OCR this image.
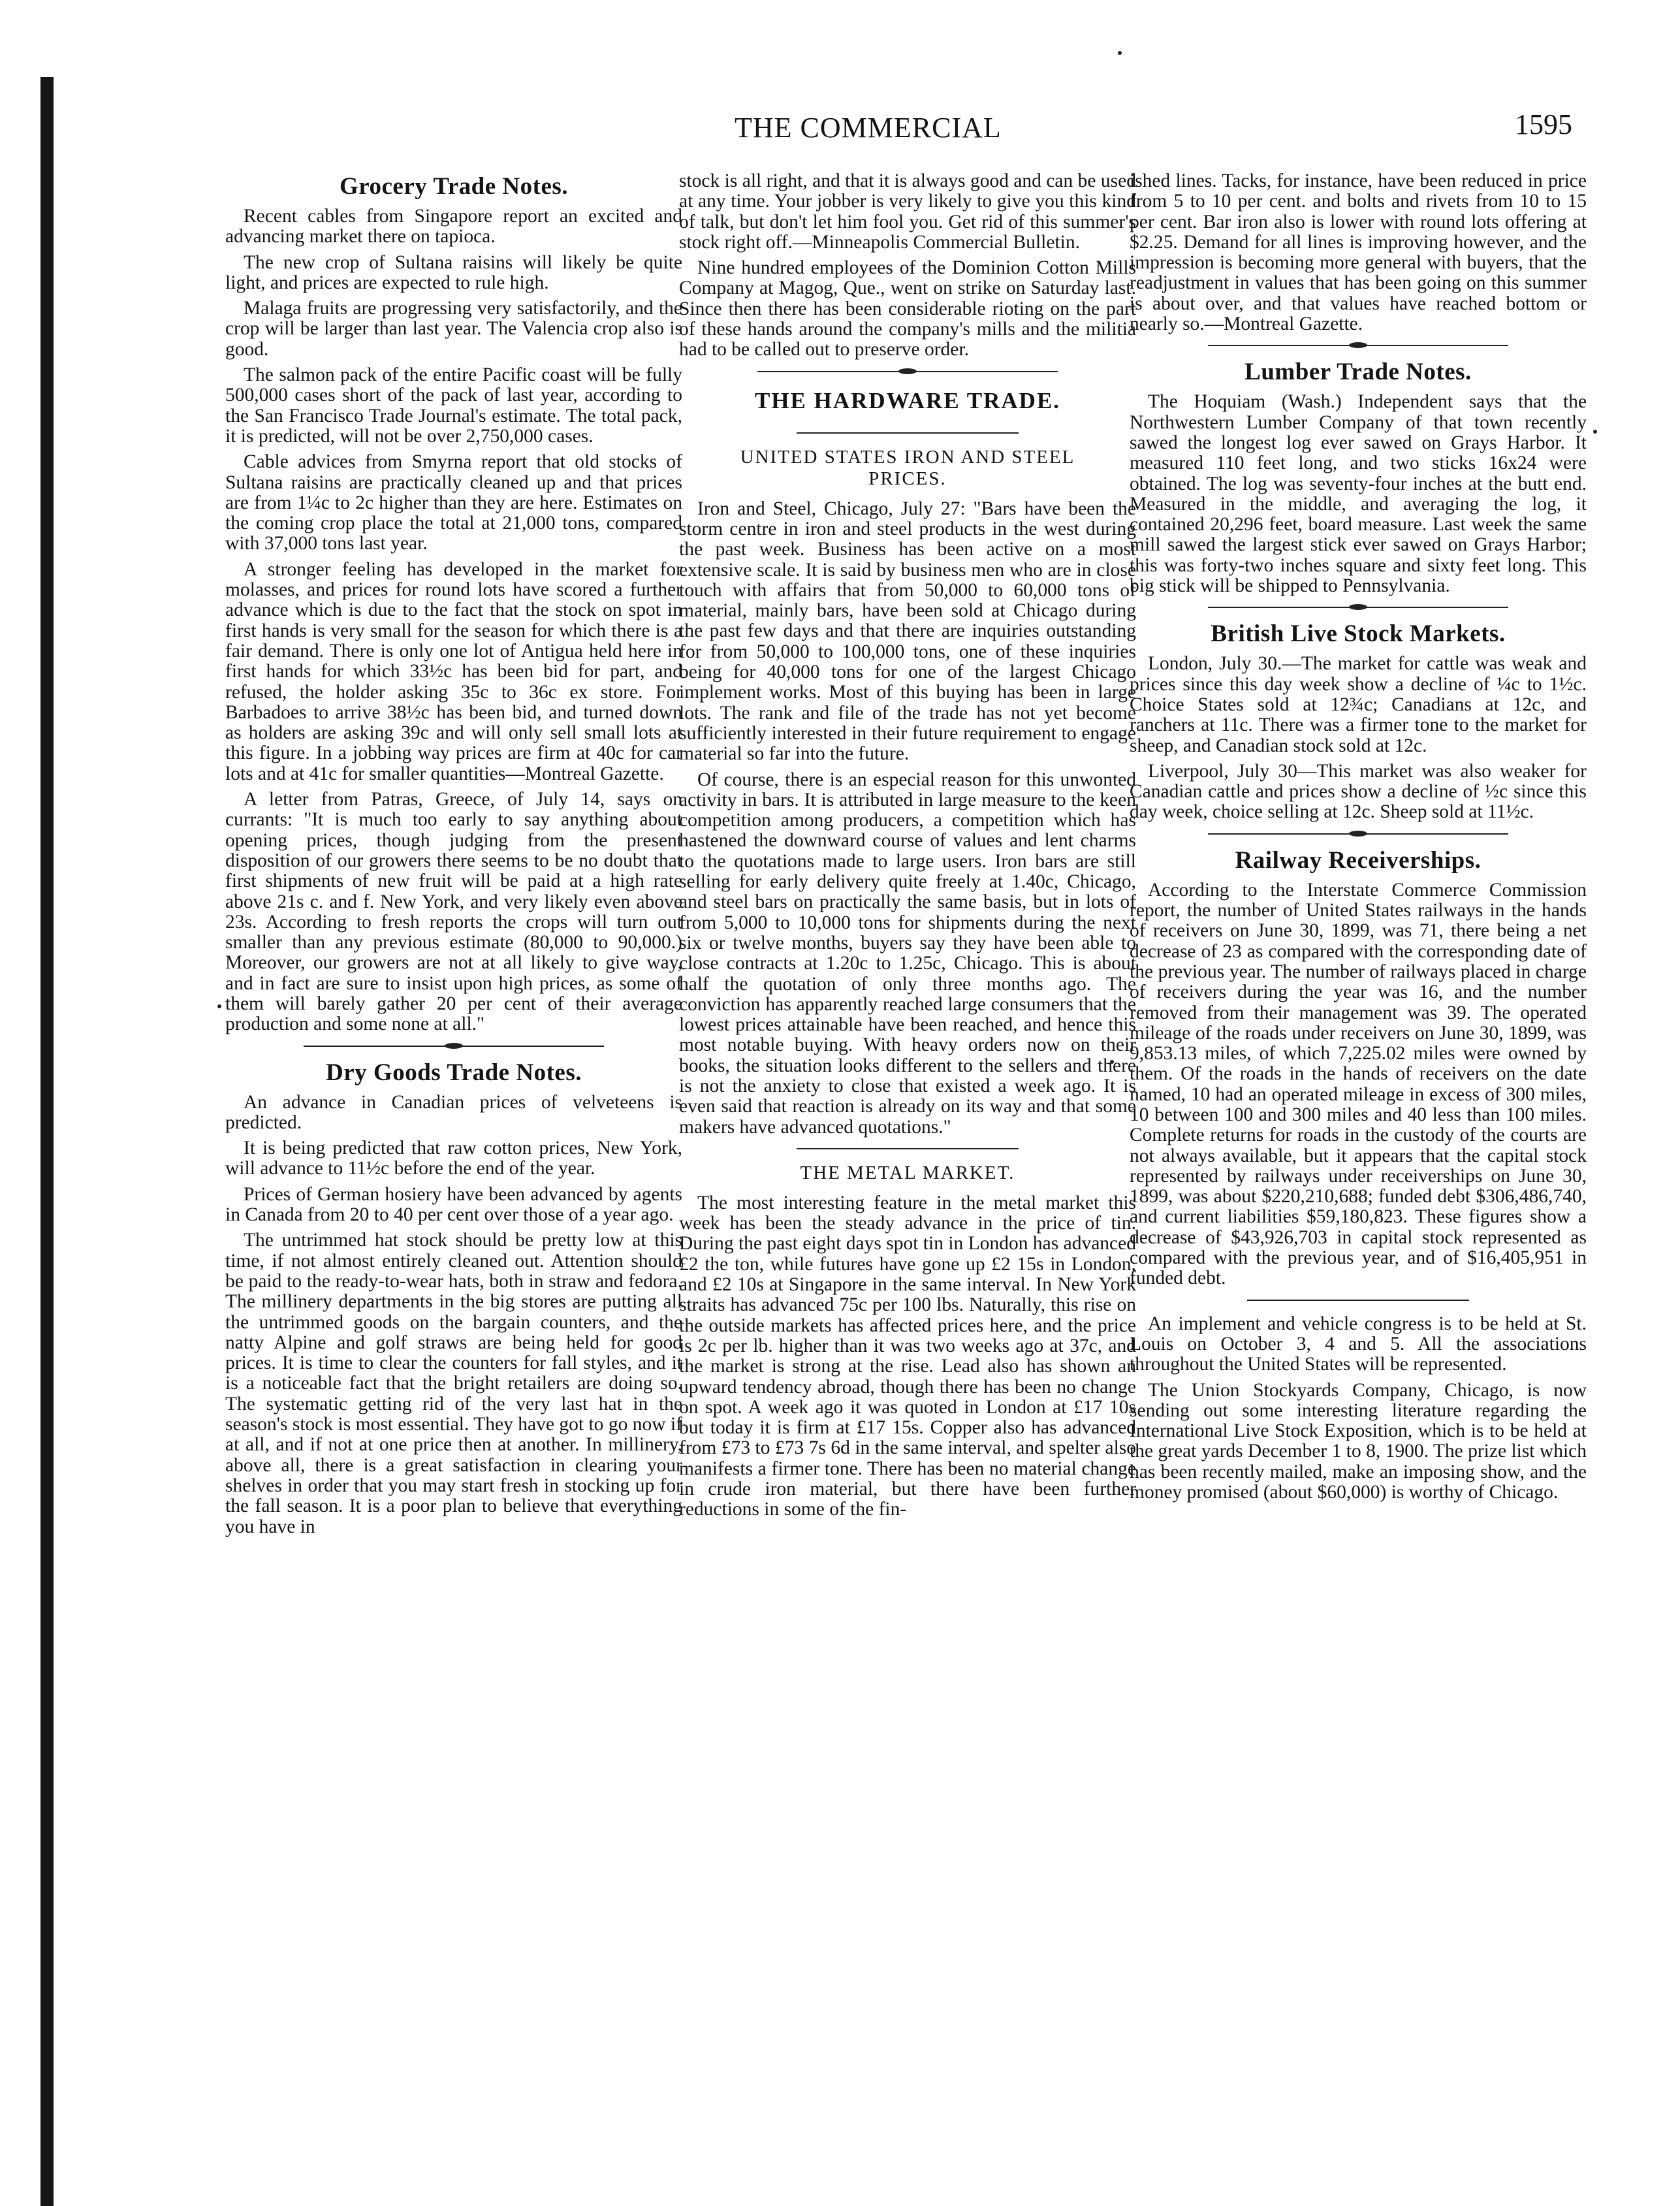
THE COMMERCIAL	1595
Grocery Trade Notes.

Recent cables from Singapore report an excited and advancing market there on tapioca.

The new crop of Sultana raisins will likely be quite light, and prices are expected to rule high.

Malaga fruits are progressing very satisfactorily, and the crop will be larger than last year. The Valencia crop also is good.

The salmon pack of the entire Pacific coast will be fully 500,000 cases short of the pack of last year, according to the San Francisco Trade Journal's estimate. The total pack, it is predicted, will not be over 2,750,000 cases.

Cable advices from Smyrna report that old stocks of Sultana raisins are practically cleaned up and that prices are from 1¼c to 2c higher than they are here. Estimates on the coming crop place the total at 21,000 tons, compared with 37,000 tons last year.

A stronger feeling has developed in the market for molasses, and prices for round lots have scored a further advance which is due to the fact that the stock on spot in first hands is very small for the season for which there is a fair demand. There is only one lot of Antigua held here in first hands for which 33½c has been bid for part, and refused, the holder asking 35c to 36c ex store. For Barbadoes to arrive 38½c has been bid, and turned down as holders are asking 39c and will only sell small lots at this figure. In a jobbing way prices are firm at 40c for car lots and at 41c for smaller quantities—Montreal Gazette.

A letter from Patras, Greece, of July 14, says on currants: "It is much too early to say anything about opening prices, though judging from the present disposition of our growers there seems to be no doubt that first shipments of new fruit will be paid at a high rate above 21s c. and f. New York, and very likely even above 23s. According to fresh reports the crops will turn out smaller than any previous estimate (80,000 to 90,000.) Moreover, our growers are not at all likely to give way, and in fact are sure to insist upon high prices, as some of them will barely gather 20 per cent of their average production and some none at all."

Dry Goods Trade Notes.

An advance in Canadian prices of velveteens is predicted.

It is being predicted that raw cotton prices, New York, will advance to 11½c before the end of the year.

Prices of German hosiery have been advanced by agents in Canada from 20 to 40 per cent over those of a year ago.

The untrimmed hat stock should be pretty low at this time, if not almost entirely cleaned out. Attention should be paid to the ready-to-wear hats, both in straw and fedora. The millinery departments in the big stores are putting all the untrimmed goods on the bargain counters, and the natty Alpine and golf straws are being held for good prices. It is time to clear the counters for fall styles, and it is a noticeable fact that the bright retailers are doing so. The systematic getting rid of the very last hat in the season's stock is most essential. They have got to go now if at all, and if not at one price then at another. In millinery, above all, there is a great satisfaction in clearing your shelves in order that you may start fresh in stocking up for the fall season. It is a poor plan to believe that everything you have in

stock is all right, and that it is always good and can be used at any time. Your jobber is very likely to give you this kind of talk, but don't let him fool you. Get rid of this summer's stock right off.—Minneapolis Commercial Bulletin.

Nine hundred employees of the Dominion Cotton Mills Company at Magog, Que., went on strike on Saturday last. Since then there has been considerable rioting on the part of these hands around the company's mills and the militia had to be called out to preserve order.

THE HARDWARE TRADE.
UNITED STATES IRON AND STEEL PRICES.

Iron and Steel, Chicago, July 27: "Bars have been the storm centre in iron and steel products in the west during the past week. Business has been active on a most extensive scale. It is said by business men who are in close touch with affairs that from 50,000 to 60,000 tons of material, mainly bars, have been sold at Chicago during the past few days and that there are inquiries outstanding for from 50,000 to 100,000 tons, one of these inquiries being for 40,000 tons for one of the largest Chicago implement works. Most of this buying has been in large lots. The rank and file of the trade has not yet become sufficiently interested in their future requirement to engage material so far into the future.

Of course, there is an especial reason for this unwonted activity in bars. It is attributed in large measure to the keen competition among producers, a competition which has hastened the downward course of values and lent charms to the quotations made to large users. Iron bars are still selling for early delivery quite freely at 1.40c, Chicago, and steel bars on practically the same basis, but in lots of from 5,000 to 10,000 tons for shipments during the next six or twelve months, buyers say they have been able to close contracts at 1.20c to 1.25c, Chicago. This is about half the quotation of only three months ago. The conviction has apparently reached large consumers that the lowest prices attainable have been reached, and hence this most notable buying. With heavy orders now on their books, the situation looks different to the sellers and there is not the anxiety to close that existed a week ago. It is even said that reaction is already on its way and that some makers have advanced quotations."

THE METAL MARKET.

The most interesting feature in the metal market this week has been the steady advance in the price of tin. During the past eight days spot tin in London has advanced £2 the ton, while futures have gone up £2 15s in London, and £2 10s at Singapore in the same interval. In New York straits has advanced 75c per 100 lbs. Naturally, this rise on the outside markets has affected prices here, and the price is 2c per lb. higher than it was two weeks ago at 37c, and the market is strong at the rise. Lead also has shown an upward tendency abroad, though there has been no change on spot. A week ago it was quoted in London at £17 10s but today it is firm at £17 15s. Copper also has advanced from £73 to £73 7s 6d in the same interval, and spelter also manifests a firmer tone. There has been no material change in crude iron material, but there have been further reductions in some of the fin-

ished lines. Tacks, for instance, have been reduced in price from 5 to 10 per cent. and bolts and rivets from 10 to 15 per cent. Bar iron also is lower with round lots offering at $2.25. Demand for all lines is improving however, and the impression is becoming more general with buyers, that the readjustment in values that has been going on this summer is about over, and that values have reached bottom or nearly so.—Montreal Gazette.

Lumber Trade Notes.

The Hoquiam (Wash.) Independent says that the Northwestern Lumber Company of that town recently sawed the longest log ever sawed on Grays Harbor. It measured 110 feet long, and two sticks 16x24 were obtained. The log was seventy-four inches at the butt end. Measured in the middle, and averaging the log, it contained 20,296 feet, board measure. Last week the same mill sawed the largest stick ever sawed on Grays Harbor; this was forty-two inches square and sixty feet long. This big stick will be shipped to Pennsylvania.

British Live Stock Markets.

London, July 30.—The market for cattle was weak and prices since this day week show a decline of ¼c to 1½c. Choice States sold at 12¾c; Canadians at 12c, and ranchers at 11c. There was a firmer tone to the market for sheep, and Canadian stock sold at 12c.

Liverpool, July 30—This market was also weaker for Canadian cattle and prices show a decline of ½c since this day week, choice selling at 12c. Sheep sold at 11½c.

Railway Receiverships.

According to the Interstate Commerce Commission report, the number of United States railways in the hands of receivers on June 30, 1899, was 71, there being a net decrease of 23 as compared with the corresponding date of the previous year. The number of railways placed in charge of receivers during the year was 16, and the number removed from their management was 39. The operated mileage of the roads under receivers on June 30, 1899, was 9,853.13 miles, of which 7,225.02 miles were owned by them. Of the roads in the hands of receivers on the date named, 10 had an operated mileage in excess of 300 miles, 10 between 100 and 300 miles and 40 less than 100 miles. Complete returns for roads in the custody of the courts are not always available, but it appears that the capital stock represented by railways under receiverships on June 30, 1899, was about $220,210,688; funded debt $306,486,740, and current liabilities $59,180,823. These figures show a decrease of $43,926,703 in capital stock represented as compared with the previous year, and of $16,405,951 in funded debt.

An implement and vehicle congress is to be held at St. Louis on October 3, 4 and 5. All the associations throughout the United States will be represented.

The Union Stockyards Company, Chicago, is now sending out some interesting literature regarding the International Live Stock Exposition, which is to be held at the great yards December 1 to 8, 1900. The prize list which has been recently mailed, make an imposing show, and the money promised (about $60,000) is worthy of Chicago.
